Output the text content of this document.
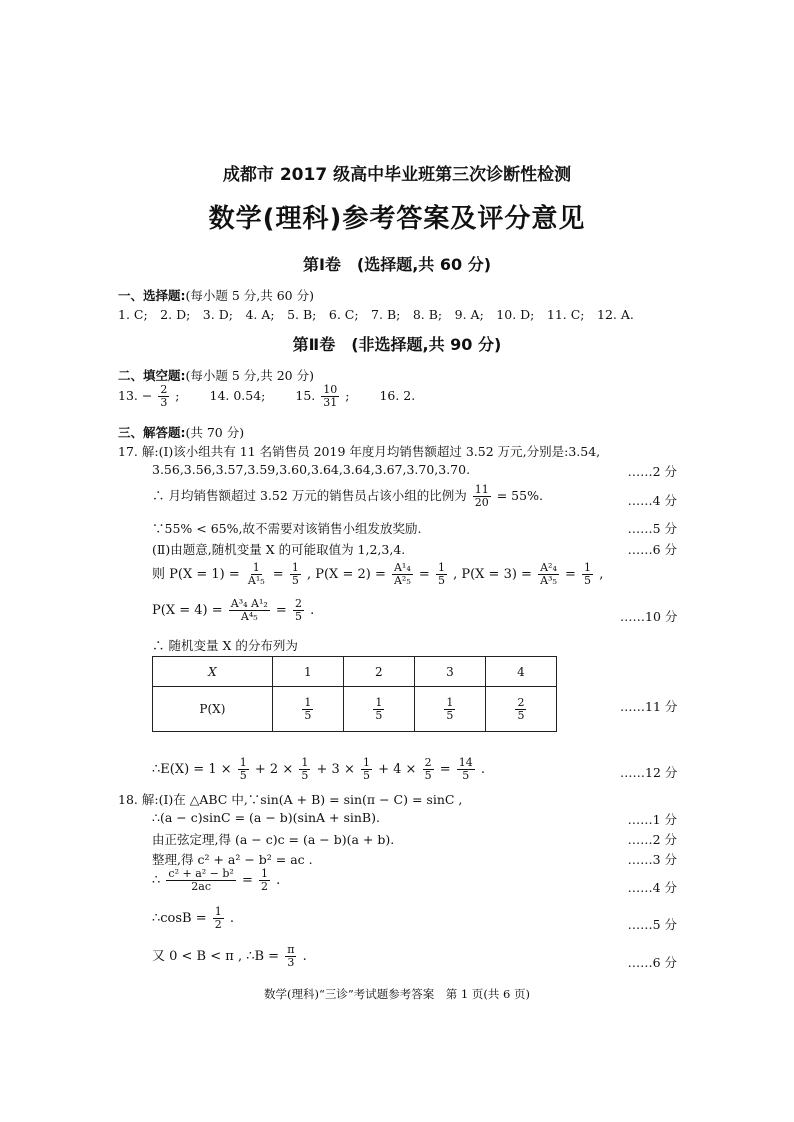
成都市 2017 级高中毕业班第三次诊断性检测
数学(理科)参考答案及评分意见
第Ⅰ卷　(选择题,共 60 分)
一、选择题:(每小题 5 分,共 60 分)
1. C;　2. D;　3. D;　4. A;　5. B;　6. C;　7. B;　8. B;　9. A;　10. D;　11. C;　12. A.
第Ⅱ卷　(非选择题,共 90 分)
二、填空题:(每小题 5 分,共 20 分)
13. − $\frac{2}{3}$ ; 14. 0.54; 15. $\frac{10}{31}$ ; 16. 2.
三、解答题:(共 70 分)
17. 解:(Ⅰ)该小组共有 11 名销售员 2019 年度月均销售额超过 3.52 万元,分别是:3.54,
3.56,3.56,3.57,3.59,3.60,3.64,3.64,3.67,3.70,3.70.	……2 分
∴ 月均销售额超过 3.52 万元的销售员占该小组的比例为 $\frac{11}{20} = 55\%$.	……4 分
∵55% < 65%,故不需要对该销售小组发放奖励.	……5 分
(Ⅱ)由题意,随机变量 X 的可能取值为 1,2,3,4.	……6 分
则 $P(X = 1) = \frac{1}{\text{A¹₅}} = \frac{1}{5}$ , $P(X = 2) = \frac{\text{A¹₄}}{\text{A²₅}} = \frac{1}{5}$ , $P(X = 3) = \frac{\text{A²₄}}{\text{A³₅}} = \frac{1}{5}$ ,
$P(X = 4) = \frac{\text{A³₄ A¹₂}}{\text{A⁴₅}} = \frac{2}{5}$ .	……10 分
∴ 随机变量 X 的分布列为
X	1	2	3	4
P(X)	$\frac{1}{5}$	$\frac{1}{5}$	$\frac{1}{5}$	$\frac{2}{5}$	……11 分
∴E(X) = $1 \times \frac{1}{5} + 2 \times \frac{1}{5} + 3 \times \frac{1}{5} + 4 \times \frac{2}{5} = \frac{14}{5}$ .	……12 分
18. 解:(Ⅰ)在 △ABC 中,∵sin(A + B) = sin(π − C) = sinC ,
∴(a − c)sinC = (a − b)(sinA + sinB).	……1 分
由正弦定理,得 (a − c)c = (a − b)(a + b).	……2 分
整理,得 c² + a² − b² = ac .	……3 分
∴ $\frac{\text{c² + a² − b²}}{2ac} = \frac{1}{2}$ .	……4 分
∴cosB = $\frac{1}{2}$ .	……5 分
又 0 < B < π , ∴B = $\frac{\pi}{3}$ .	……6 分
数学(理科)“三诊”考试题参考答案　第 1 页(共 6 页)
